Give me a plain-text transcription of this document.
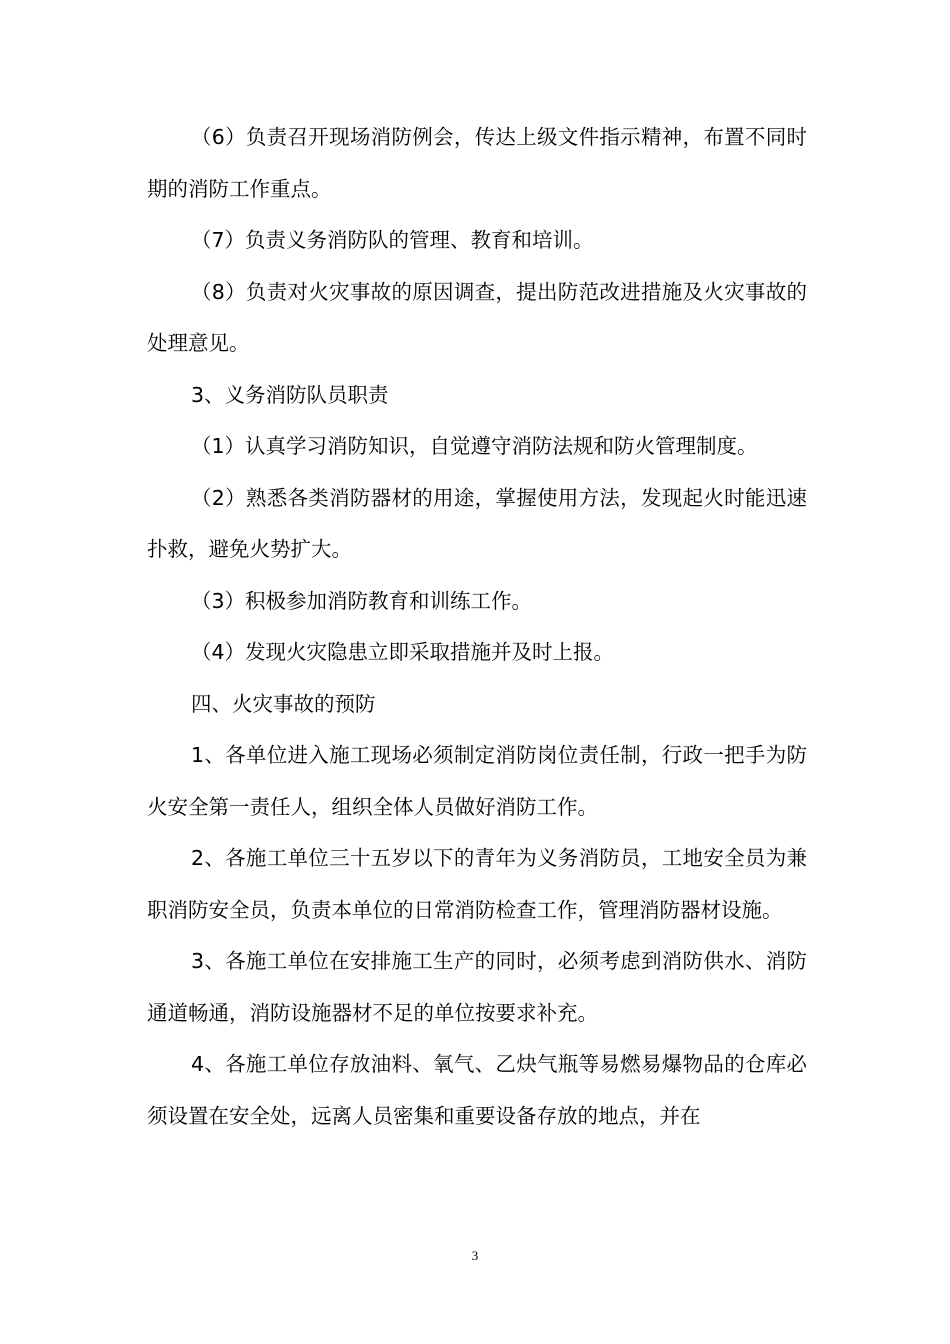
（6）负责召开现场消防例会，传达上级文件指示精神，布置不同时期的消防工作重点。

（7）负责义务消防队的管理、教育和培训。

（8）负责对火灾事故的原因调查，提出防范改进措施及火灾事故的处理意见。

3、义务消防队员职责

（1）认真学习消防知识，自觉遵守消防法规和防火管理制度。

（2）熟悉各类消防器材的用途，掌握使用方法，发现起火时能迅速扑救，避免火势扩大。

（3）积极参加消防教育和训练工作。

（4）发现火灾隐患立即采取措施并及时上报。

四、火灾事故的预防

1、各单位进入施工现场必须制定消防岗位责任制，行政一把手为防火安全第一责任人，组织全体人员做好消防工作。

2、各施工单位三十五岁以下的青年为义务消防员，工地安全员为兼职消防安全员，负责本单位的日常消防检查工作，管理消防器材设施。

3、各施工单位在安排施工生产的同时，必须考虑到消防供水、消防通道畅通，消防设施器材不足的单位按要求补充。

4、各施工单位存放油料、氧气、乙炔气瓶等易燃易爆物品的仓库必须设置在安全处，远离人员密集和重要设备存放的地点，并在

3
